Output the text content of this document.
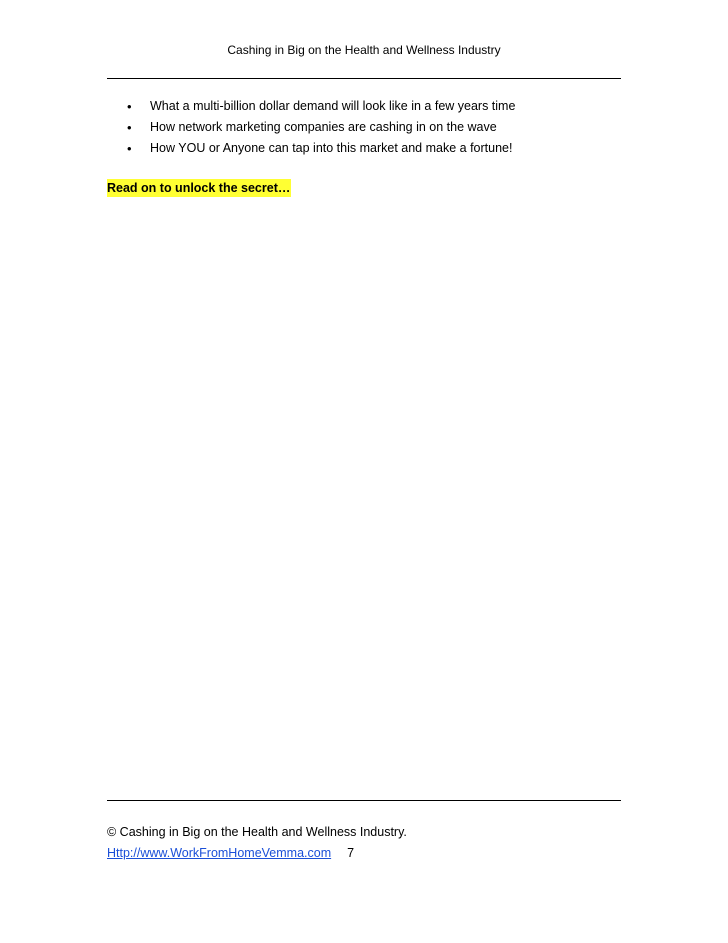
Cashing in Big on the Health and Wellness Industry
• What a multi-billion dollar demand will look like in a few years time
• How network marketing companies are cashing in on the wave
• How YOU or Anyone can tap into this market and make a fortune!
Read on to unlock the secret…
© Cashing in Big on the Health and Wellness Industry.
Http://www.WorkFromHomeVemma.com 7
